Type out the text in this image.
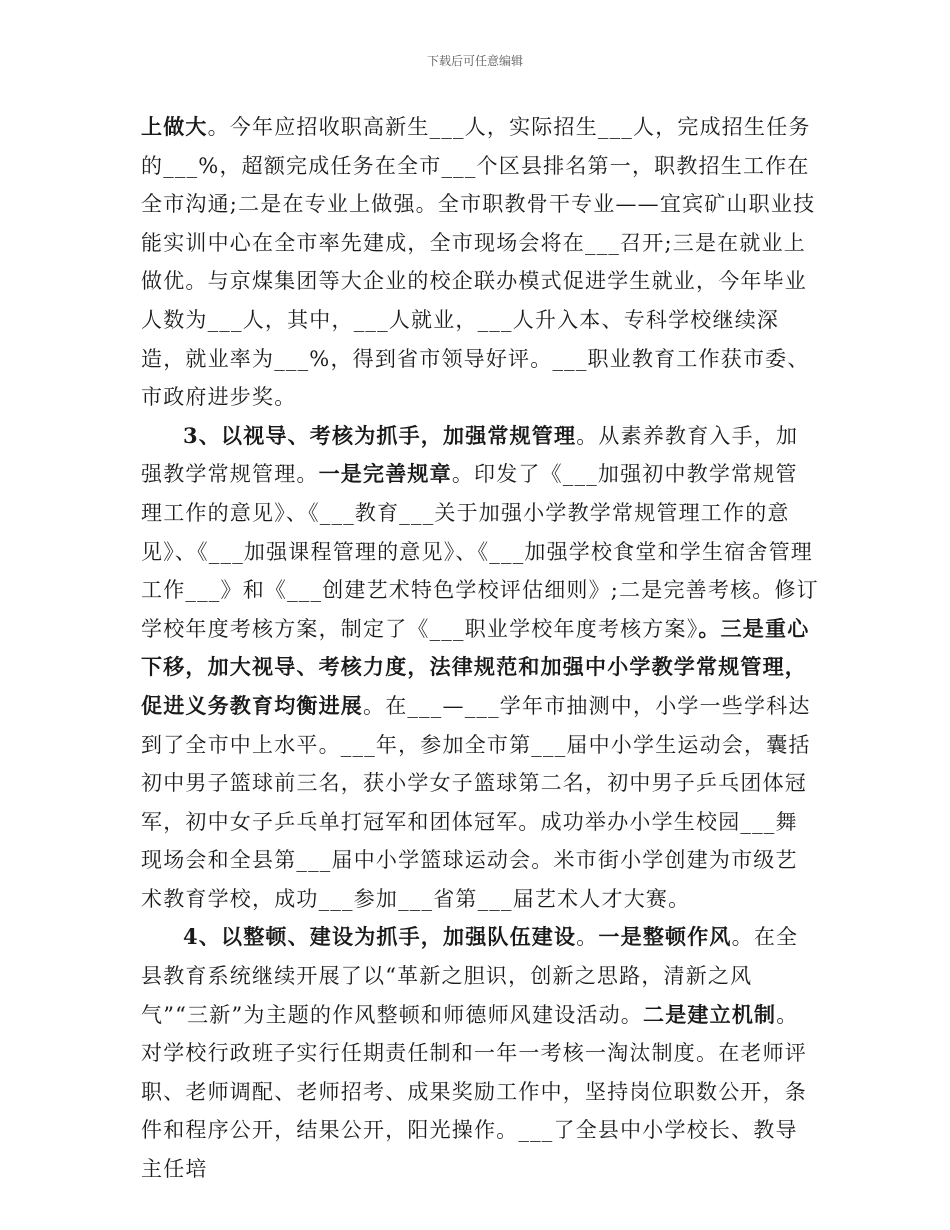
下载后可任意编辑

上做大。今年应招收职高新生___人，实际招生___人，完成招生任务的___%，超额完成任务在全市___个区县排名第一，职教招生工作在全市沟通;二是在专业上做强。全市职教骨干专业——宜宾矿山职业技能实训中心在全市率先建成，全市现场会将在___召开;三是在就业上做优。与京煤集团等大企业的校企联办模式促进学生就业，今年毕业人数为___人，其中，___人就业，___人升入本、专科学校继续深造，就业率为___%，得到省市领导好评。___职业教育工作获市委、市政府进步奖。

3、以视导、考核为抓手，加强常规管理。从素养教育入手，加强教学常规管理。一是完善规章。印发了《___加强初中教学常规管理工作的意见》、《___教育___关于加强小学教学常规管理工作的意见》、《___加强课程管理的意见》、《___加强学校食堂和学生宿舍管理工作___》和《___创建艺术特色学校评估细则》;二是完善考核。修订学校年度考核方案，制定了《___职业学校年度考核方案》。三是重心下移，加大视导、考核力度，法律规范和加强中小学教学常规管理，促进义务教育均衡进展。在___—___学年市抽测中，小学一些学科达到了全市中上水平。___年，参加全市第___届中小学生运动会，囊括初中男子篮球前三名，获小学女子篮球第二名，初中男子乒乓团体冠军，初中女子乒乓单打冠军和团体冠军。成功举办小学生校园___舞现场会和全县第___届中小学篮球运动会。米市街小学创建为市级艺术教育学校，成功___参加___省第___届艺术人才大赛。

4、以整顿、建设为抓手，加强队伍建设。一是整顿作风。在全县教育系统继续开展了以“革新之胆识，创新之思路，清新之风气”“三新”为主题的作风整顿和师德师风建设活动。二是建立机制。对学校行政班子实行任期责任制和一年一考核一淘汰制度。在老师评职、老师调配、老师招考、成果奖励工作中，坚持岗位职数公开，条件和程序公开，结果公开，阳光操作。___了全县中小学校长、教导主任培
